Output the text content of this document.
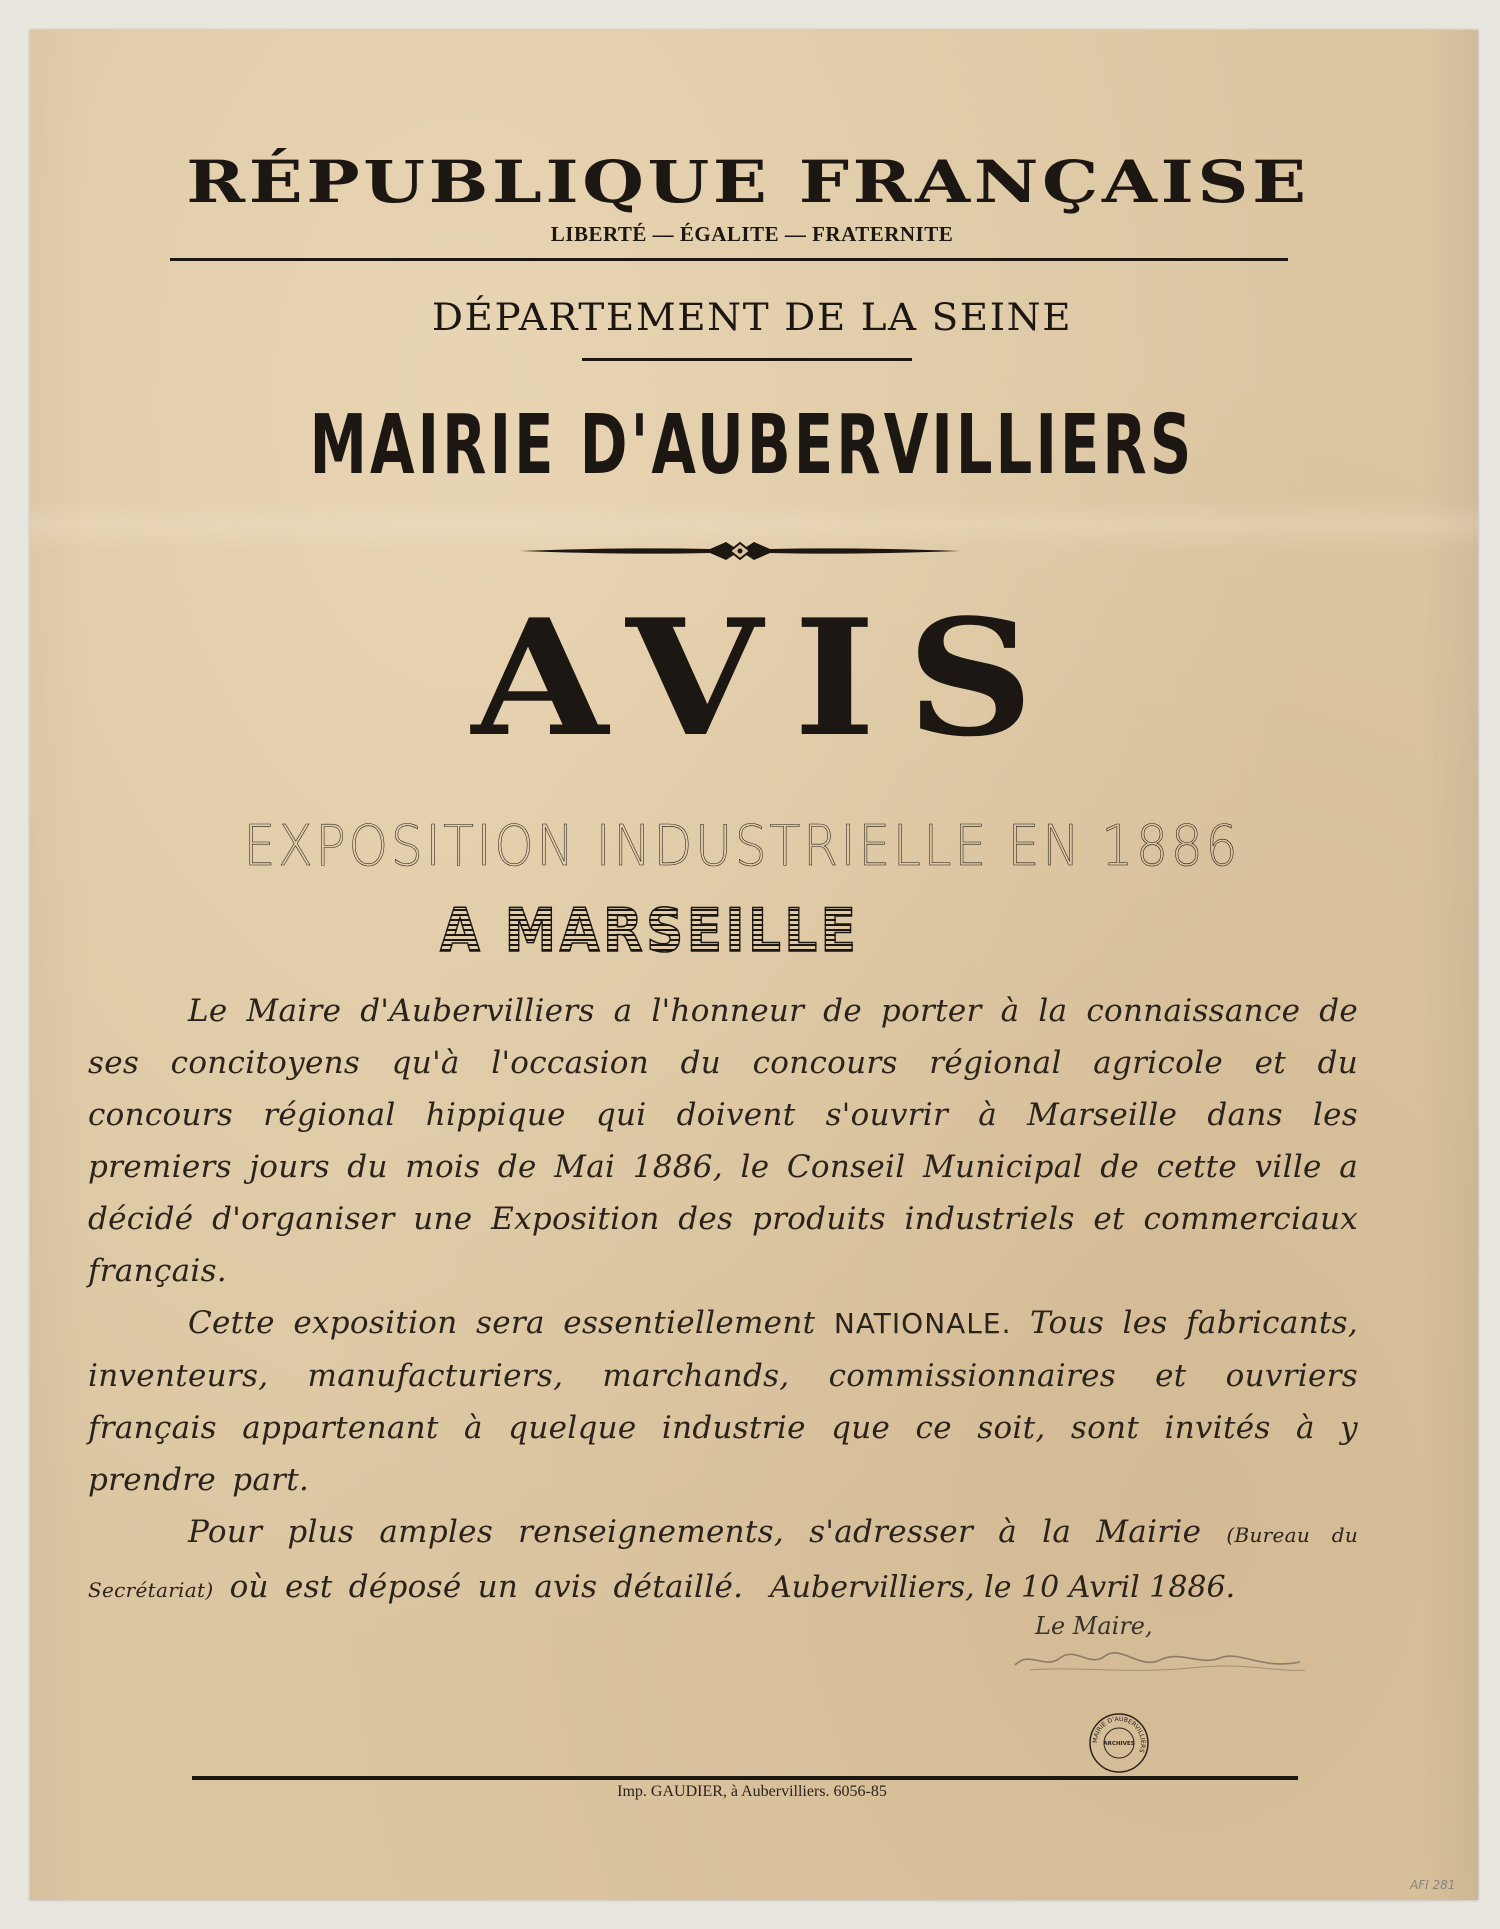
RÉPUBLIQUE FRANÇAISE
LIBERTÉ — ÉGALITE — FRATERNITE
DÉPARTEMENT DE LA SEINE
MAIRIE D'AUBERVILLIERS
AVIS
EXPOSITION INDUSTRIELLE EN 1886
A MARSEILLE

Le Maire d'Aubervilliers a l'honneur de porter à la connaissance de ses concitoyens qu'à l'occasion du concours régional agricole et du concours régional hippique qui doivent s'ouvrir à Marseille dans les premiers jours du mois de Mai 1886, le Conseil Municipal de cette ville a décidé d'organiser une Exposition des produits industriels et commerciaux français.

Cette exposition sera essentiellement NATIONALE. Tous les fabricants, inventeurs, manufacturiers, marchands, commissionnaires et ouvriers français appartenant à quelque industrie que ce soit, sont invités à y prendre part.

Pour plus amples renseignements, s'adresser à la Mairie (Bureau du Secrétariat) où est déposé un avis détaillé. Aubervilliers, le 10 Avril 1886.
Le Maire,
MAIRIE D'AUBERVILLIERS
ARCHIVES
Imp. GAUDIER, à Aubervilliers. 6056-85
AFI 281
